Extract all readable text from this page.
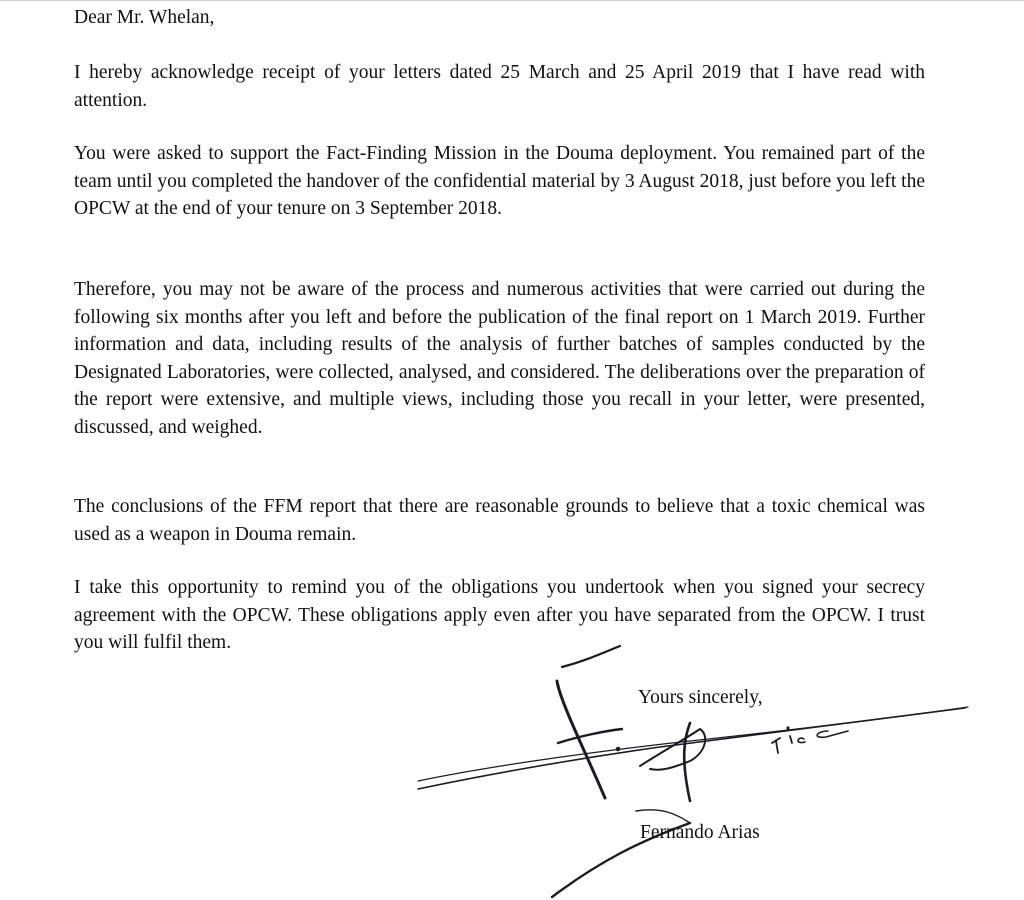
Dear Mr. Whelan,

I hereby acknowledge receipt of your letters dated 25 March and 25 April 2019 that I have read with attention.

You were asked to support the Fact-Finding Mission in the Douma deployment. You remained part of the team until you completed the handover of the confidential material by 3 August 2018, just before you left the OPCW at the end of your tenure on 3 September 2018.

Therefore, you may not be aware of the process and numerous activities that were carried out during the following six months after you left and before the publication of the final report on 1 March 2019. Further information and data, including results of the analysis of further batches of samples conducted by the Designated Laboratories, were collected, analysed, and considered. The deliberations over the preparation of the report were extensive, and multiple views, including those you recall in your letter, were presented, discussed, and weighed.

The conclusions of the FFM report that there are reasonable grounds to believe that a toxic chemical was used as a weapon in Douma remain.

I take this opportunity to remind you of the obligations you undertook when you signed your secrecy agreement with the OPCW. These obligations apply even after you have separated from the OPCW. I trust you will fulfil them.

Yours sincerely,

Fernando Arias
